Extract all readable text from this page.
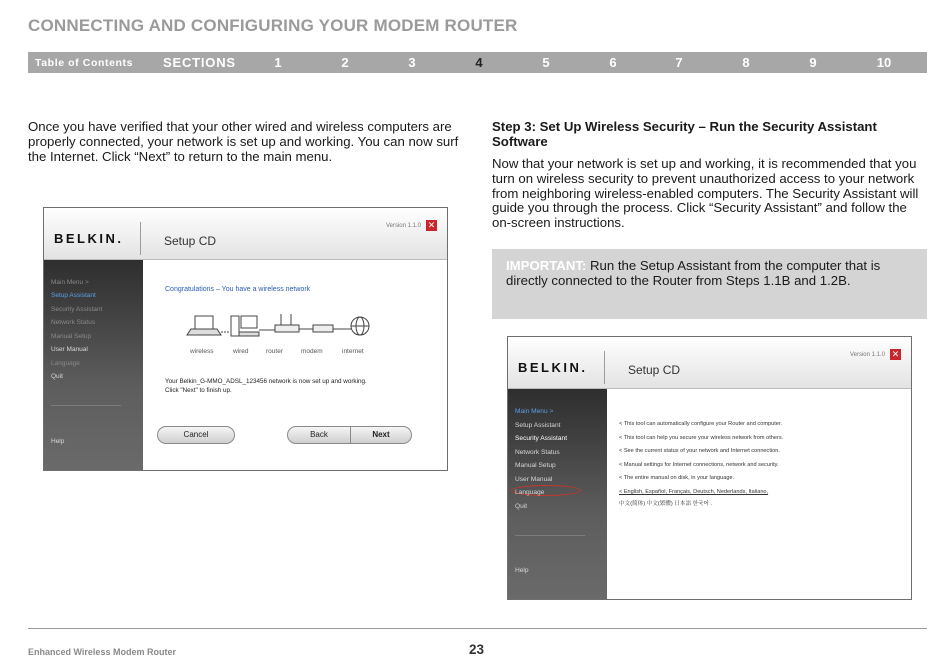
CONNECTING AND CONFIGURING YOUR MODEM ROUTER
Table of Contents SECTIONS	1	2	3	4	5	6	7	8	9	10
Once you have verified that your other wired and wireless computers are properly connected, your network is set up and working. You can now surf the Internet. Click “Next” to return to the main menu.
Step 3: Set Up Wireless Security – Run the Security Assistant Software
Now that your network is set up and working, it is recommended that you turn on wireless security to prevent unauthorized access to your network from neighboring wireless-enabled computers. The Security Assistant will guide you through the process. Click “Security Assistant” and follow the on-screen instructions.
IMPORTANT: Run the Setup Assistant from the computer that is directly connected to the Router from Steps 1.1B and 1.2B.
BELKIN.	Setup CD
Version 1.1.0 ✕
Main Menu >
Setup Assistant
Security Assistant
Network Status
Manual Setup
User Manual
Language
Quit
Help
Congratulations – You have a wireless network
wireless	wired	router	modem	internet
Your Belkin_G-MMO_ADSL_123456 network is now set up and working.
Click "Next" to finish up.
Cancel	Back	Next
BELKIN.	Setup CD
Version 1.1.0 ✕
Main Menu >
Setup Assistant
Security Assistant
Network Status
Manual Setup
User Manual
Language
Quit
Help
< This tool can automatically configure your Router and computer.
< This tool can help you secure your wireless network from others.
< See the current status of your network and Internet connection.
< Manual settings for Internet connections, network and security.
< The entire manual on disk, in your language.
< English, Español, Français, Deutsch, Nederlands, Italiano,
中文(简体) 中文(繁體) 日本語 한국어 .
Enhanced Wireless Modem Router	23
